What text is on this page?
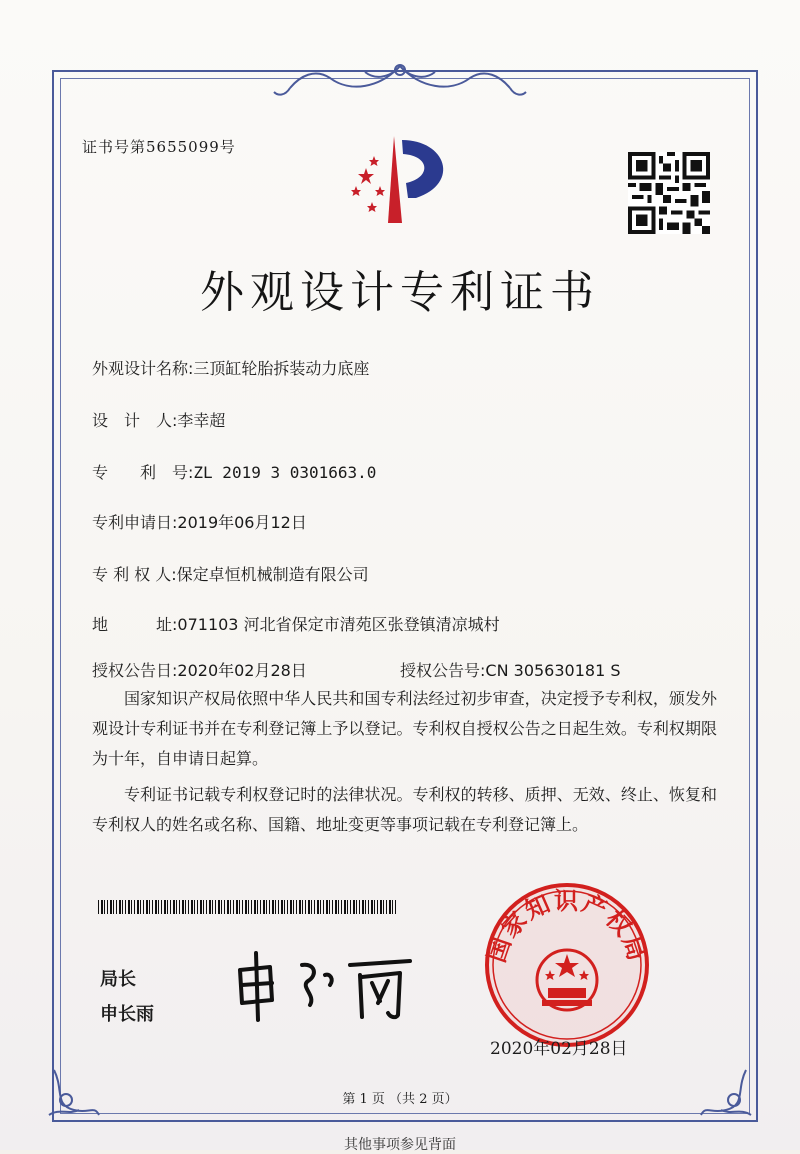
证书号第5655099号
外观设计专利证书
外观设计名称:三顶缸轮胎拆装动力底座
设　计　人:李幸超
专　　利　号:ZL 2019 3 0301663.0
专利申请日:2019年06月12日
专 利 权 人:保定卓恒机械制造有限公司
地　　　址:071103 河北省保定市清苑区张登镇清凉城村
授权公告日:2020年02月28日	授权公告号:CN 305630181 S

国家知识产权局依照中华人民共和国专利法经过初步审查，决定授予专利权，颁发外观设计专利证书并在专利登记簿上予以登记。专利权自授权公告之日起生效。专利权期限为十年，自申请日起算。

专利证书记载专利权登记时的法律状况。专利权的转移、质押、无效、终止、恢复和专利权人的姓名或名称、国籍、地址变更等事项记载在专利登记簿上。

局长
申长雨
国家知识产权局
2020年02月28日
第 1 页 （共 2 页）
其他事项参见背面
